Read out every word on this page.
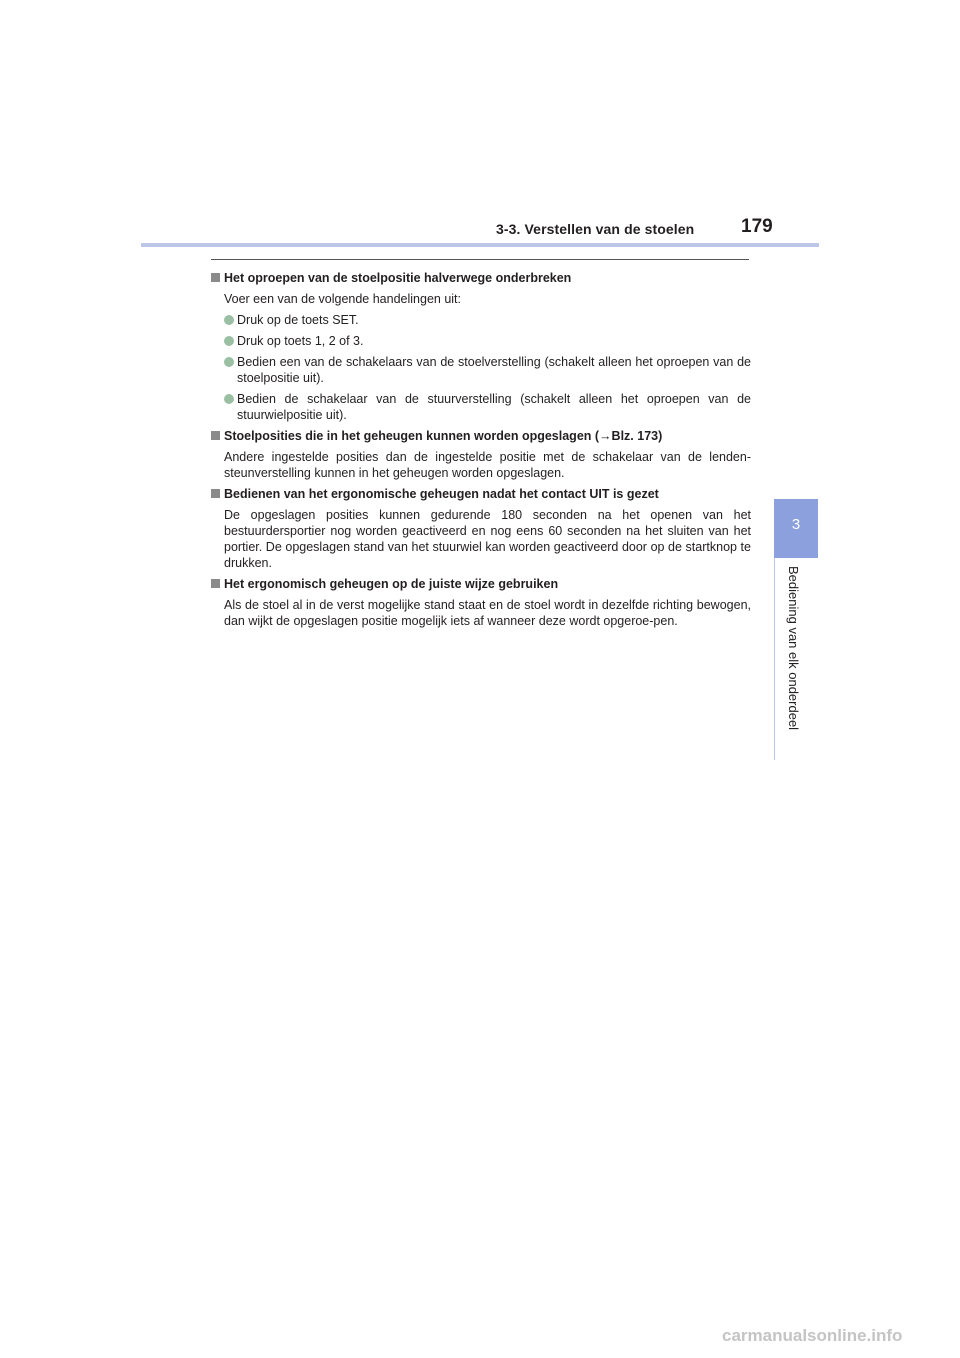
3-3. Verstellen van de stoelen 179
3
Bediening van elk onderdeel
Het oproepen van de stoelpositie halverwege onderbreken
Voer een van de volgende handelingen uit:
Druk op de toets SET.
Druk op toets 1, 2 of 3.
Bedien een van de schakelaars van de stoelverstelling (schakelt alleen het oproepen van de stoelpositie uit).
Bedien de schakelaar van de stuurverstelling (schakelt alleen het oproepen van de stuurwielpositie uit).
Stoelposities die in het geheugen kunnen worden opgeslagen (→Blz. 173)
Andere ingestelde posities dan de ingestelde positie met de schakelaar van de lenden-steunverstelling kunnen in het geheugen worden opgeslagen.
Bedienen van het ergonomische geheugen nadat het contact UIT is gezet
De opgeslagen posities kunnen gedurende 180 seconden na het openen van het bestuurdersportier nog worden geactiveerd en nog eens 60 seconden na het sluiten van het portier. De opgeslagen stand van het stuurwiel kan worden geactiveerd door op de startknop te drukken.
Het ergonomisch geheugen op de juiste wijze gebruiken
Als de stoel al in de verst mogelijke stand staat en de stoel wordt in dezelfde richting bewogen, dan wijkt de opgeslagen positie mogelijk iets af wanneer deze wordt opgeroe-pen.
carmanualsonline.info
